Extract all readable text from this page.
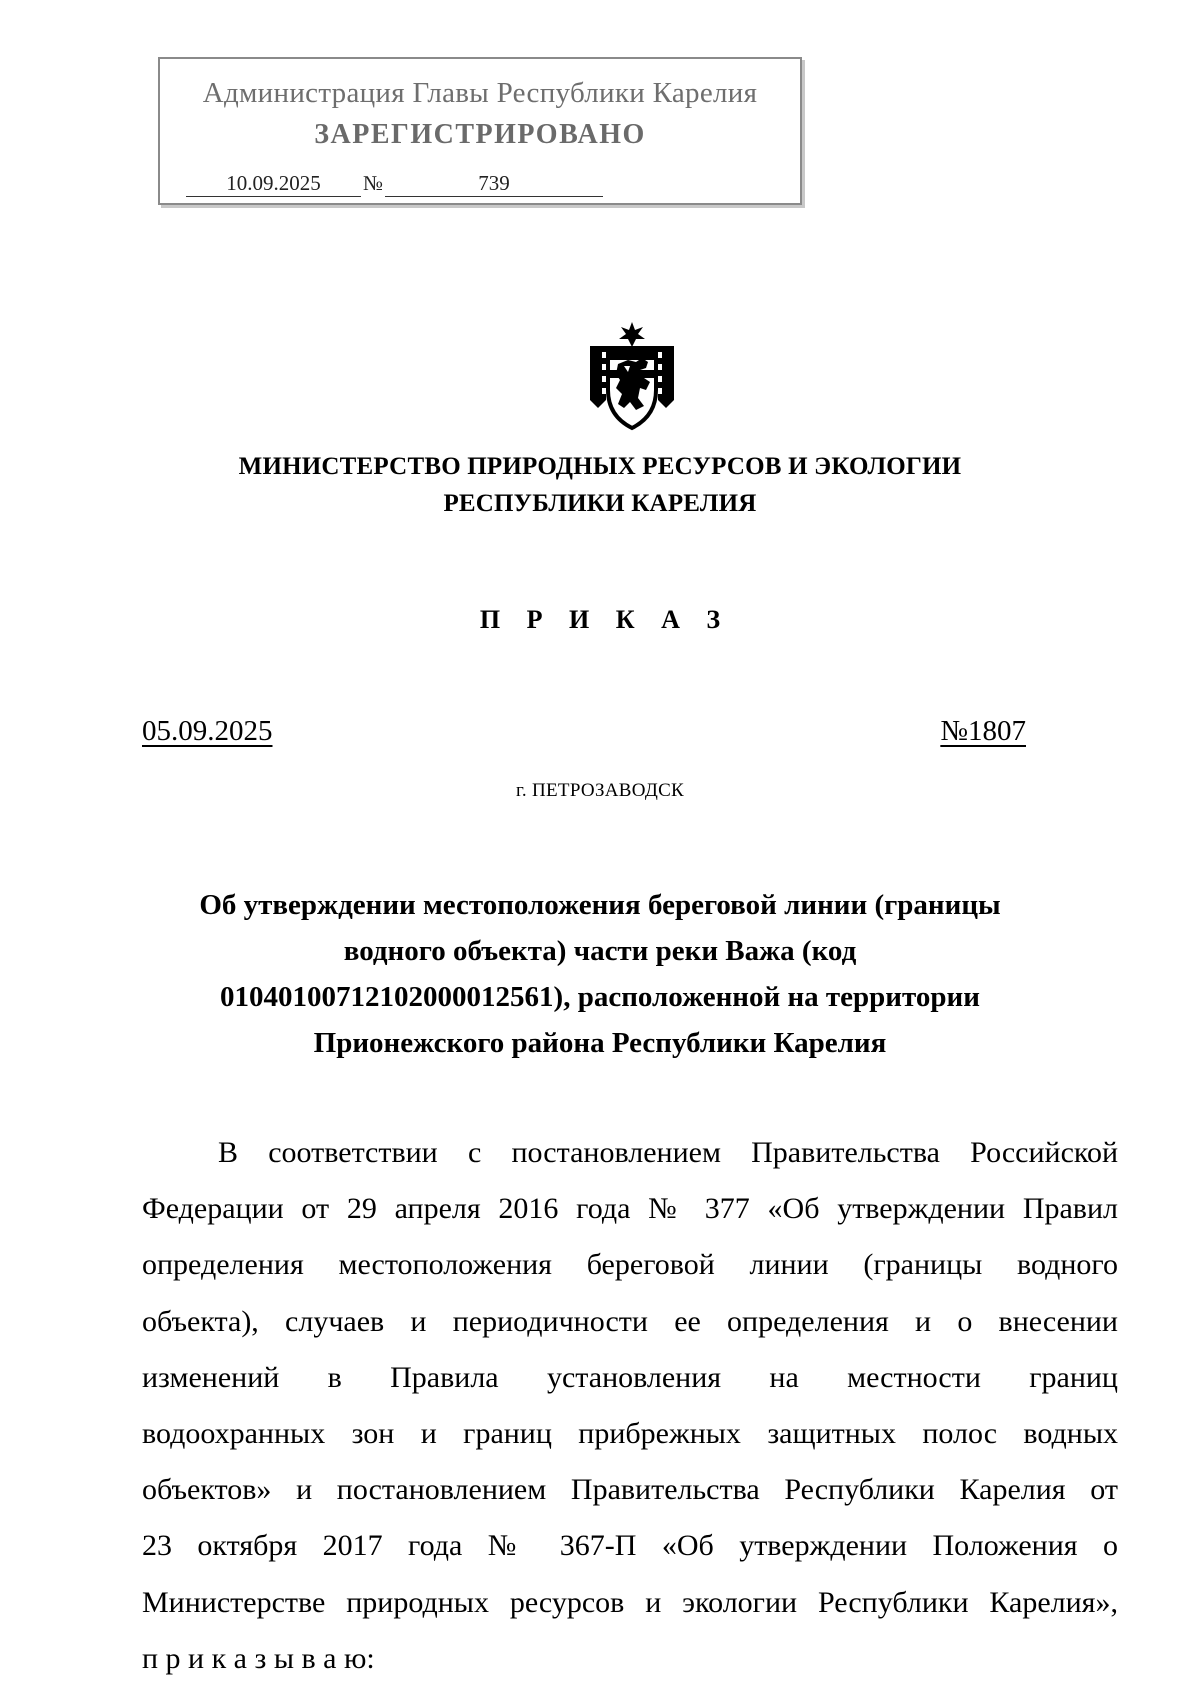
Администрация Главы Республики Карелия
ЗАРЕГИСТРИРОВАНО
10.09.2025 №	739
МИНИСТЕРСТВО ПРИРОДНЫХ РЕСУРСОВ И ЭКОЛОГИИ
РЕСПУБЛИКИ КАРЕЛИЯ
П Р И К А З
05.09.2025	№1807
г. ПЕТРОЗАВОДСК
Об утверждении местоположения береговой линии (границы
водного объекта) части реки Важа (код
01040100712102000012561), расположенной на территории
Прионежского района Республики Карелия
В соответствии с постановлением Правительства Российской
Федерации от 29 апреля 2016 года № 377 «Об утверждении Правил
определения местоположения береговой линии (границы водного
объекта), случаев и периодичности ее определения и о внесении
изменений в Правила установления на местности границ
водоохранных зон и границ прибрежных защитных полос водных
объектов» и постановлением Правительства Республики Карелия от
23 октября 2017 года № 367-П «Об утверждении Положения о
Министерстве природных ресурсов и экологии Республики Карелия»,
п р и к а з ы в а ю:
